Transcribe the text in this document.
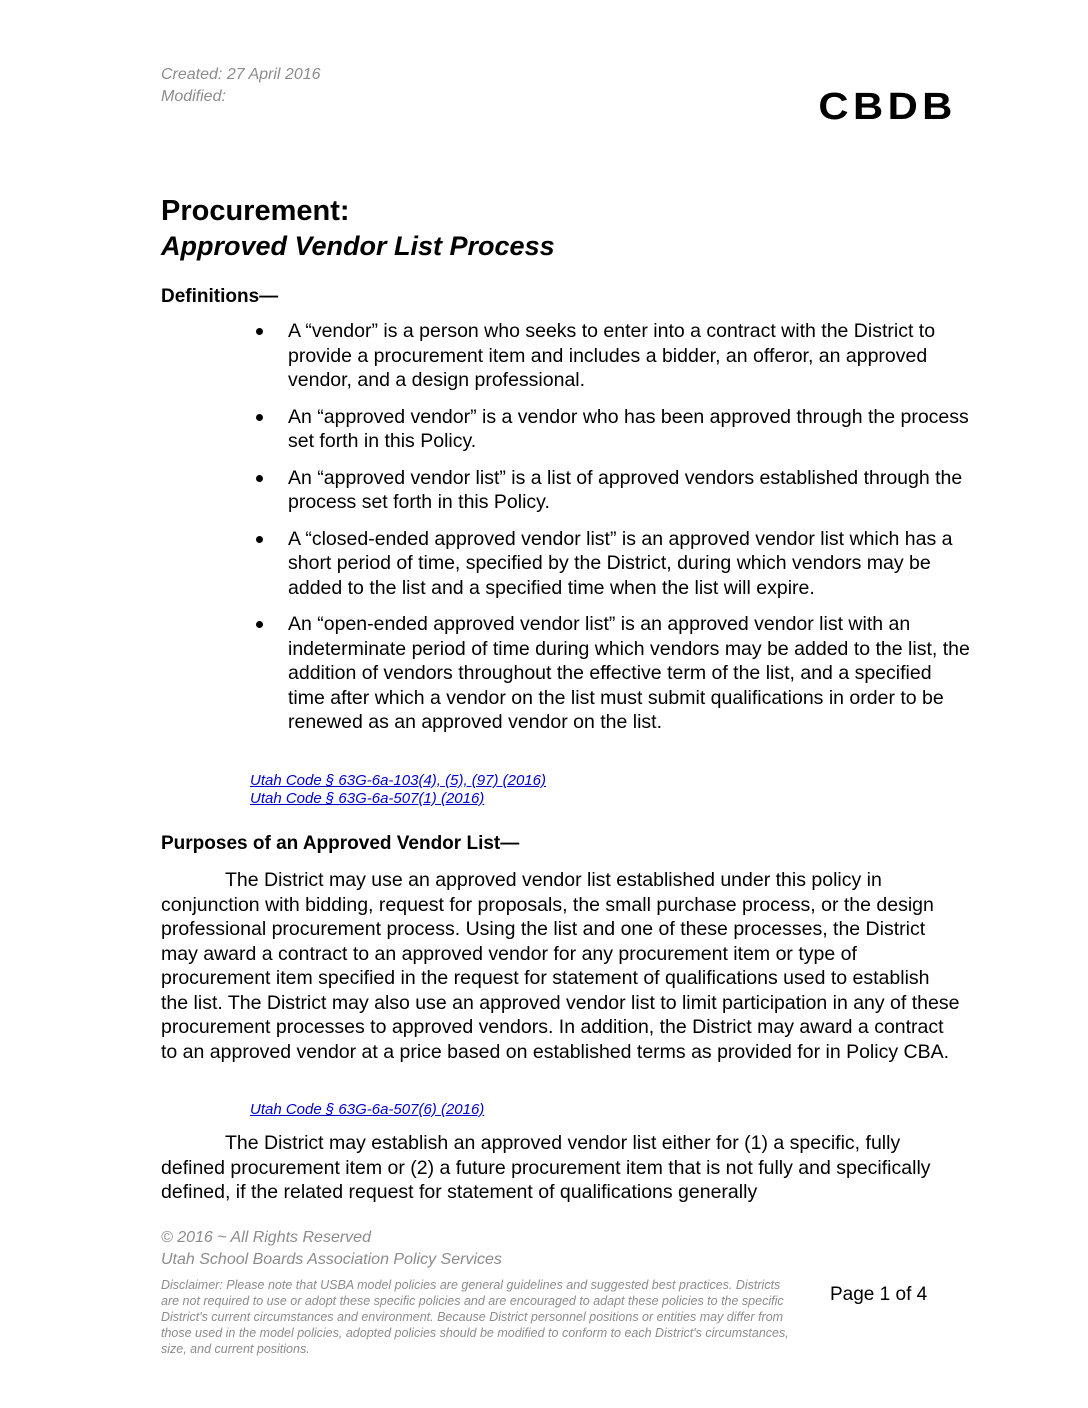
Created: 27 April 2016
Modified:	CBDB
Procurement:
Approved Vendor List Process
Definitions—
A “vendor” is a person who seeks to enter into a contract with the District to provide a procurement item and includes a bidder, an offeror, an approved vendor, and a design professional.
An “approved vendor” is a vendor who has been approved through the process set forth in this Policy.
An “approved vendor list” is a list of approved vendors established through the process set forth in this Policy.
A “closed-ended approved vendor list” is an approved vendor list which has a short period of time, specified by the District, during which vendors may be added to the list and a specified time when the list will expire.
An “open-ended approved vendor list” is an approved vendor list with an indeterminate period of time during which vendors may be added to the list, the addition of vendors throughout the effective term of the list, and a specified time after which a vendor on the list must submit qualifications in order to be renewed as an approved vendor on the list.
Utah Code § 63G-6a-103(4), (5), (97) (2016)
Utah Code § 63G-6a-507(1) (2016)
Purposes of an Approved Vendor List—

The District may use an approved vendor list established under this policy in conjunction with bidding, request for proposals, the small purchase process, or the design professional procurement process. Using the list and one of these processes, the District may award a contract to an approved vendor for any procurement item or type of procurement item specified in the request for statement of qualifications used to establish the list. The District may also use an approved vendor list to limit participation in any of these procurement processes to approved vendors. In addition, the District may award a contract to an approved vendor at a price based on established terms as provided for in Policy CBA.

Utah Code § 63G-6a-507(6) (2016)

The District may establish an approved vendor list either for (1) a specific, fully defined procurement item or (2) a future procurement item that is not fully and specifically defined, if the related request for statement of qualifications generally

© 2016 ~ All Rights Reserved
Utah School Boards Association Policy Services
Disclaimer: Please note that USBA model policies are general guidelines and suggested best practices. Districts are not required to use or adopt these specific policies and are encouraged to adapt these policies to the specific District's current circumstances and environment. Because District personnel positions or entities may differ from those used in the model policies, adopted policies should be modified to conform to each District's circumstances, size, and current positions.
Page 1 of 4
